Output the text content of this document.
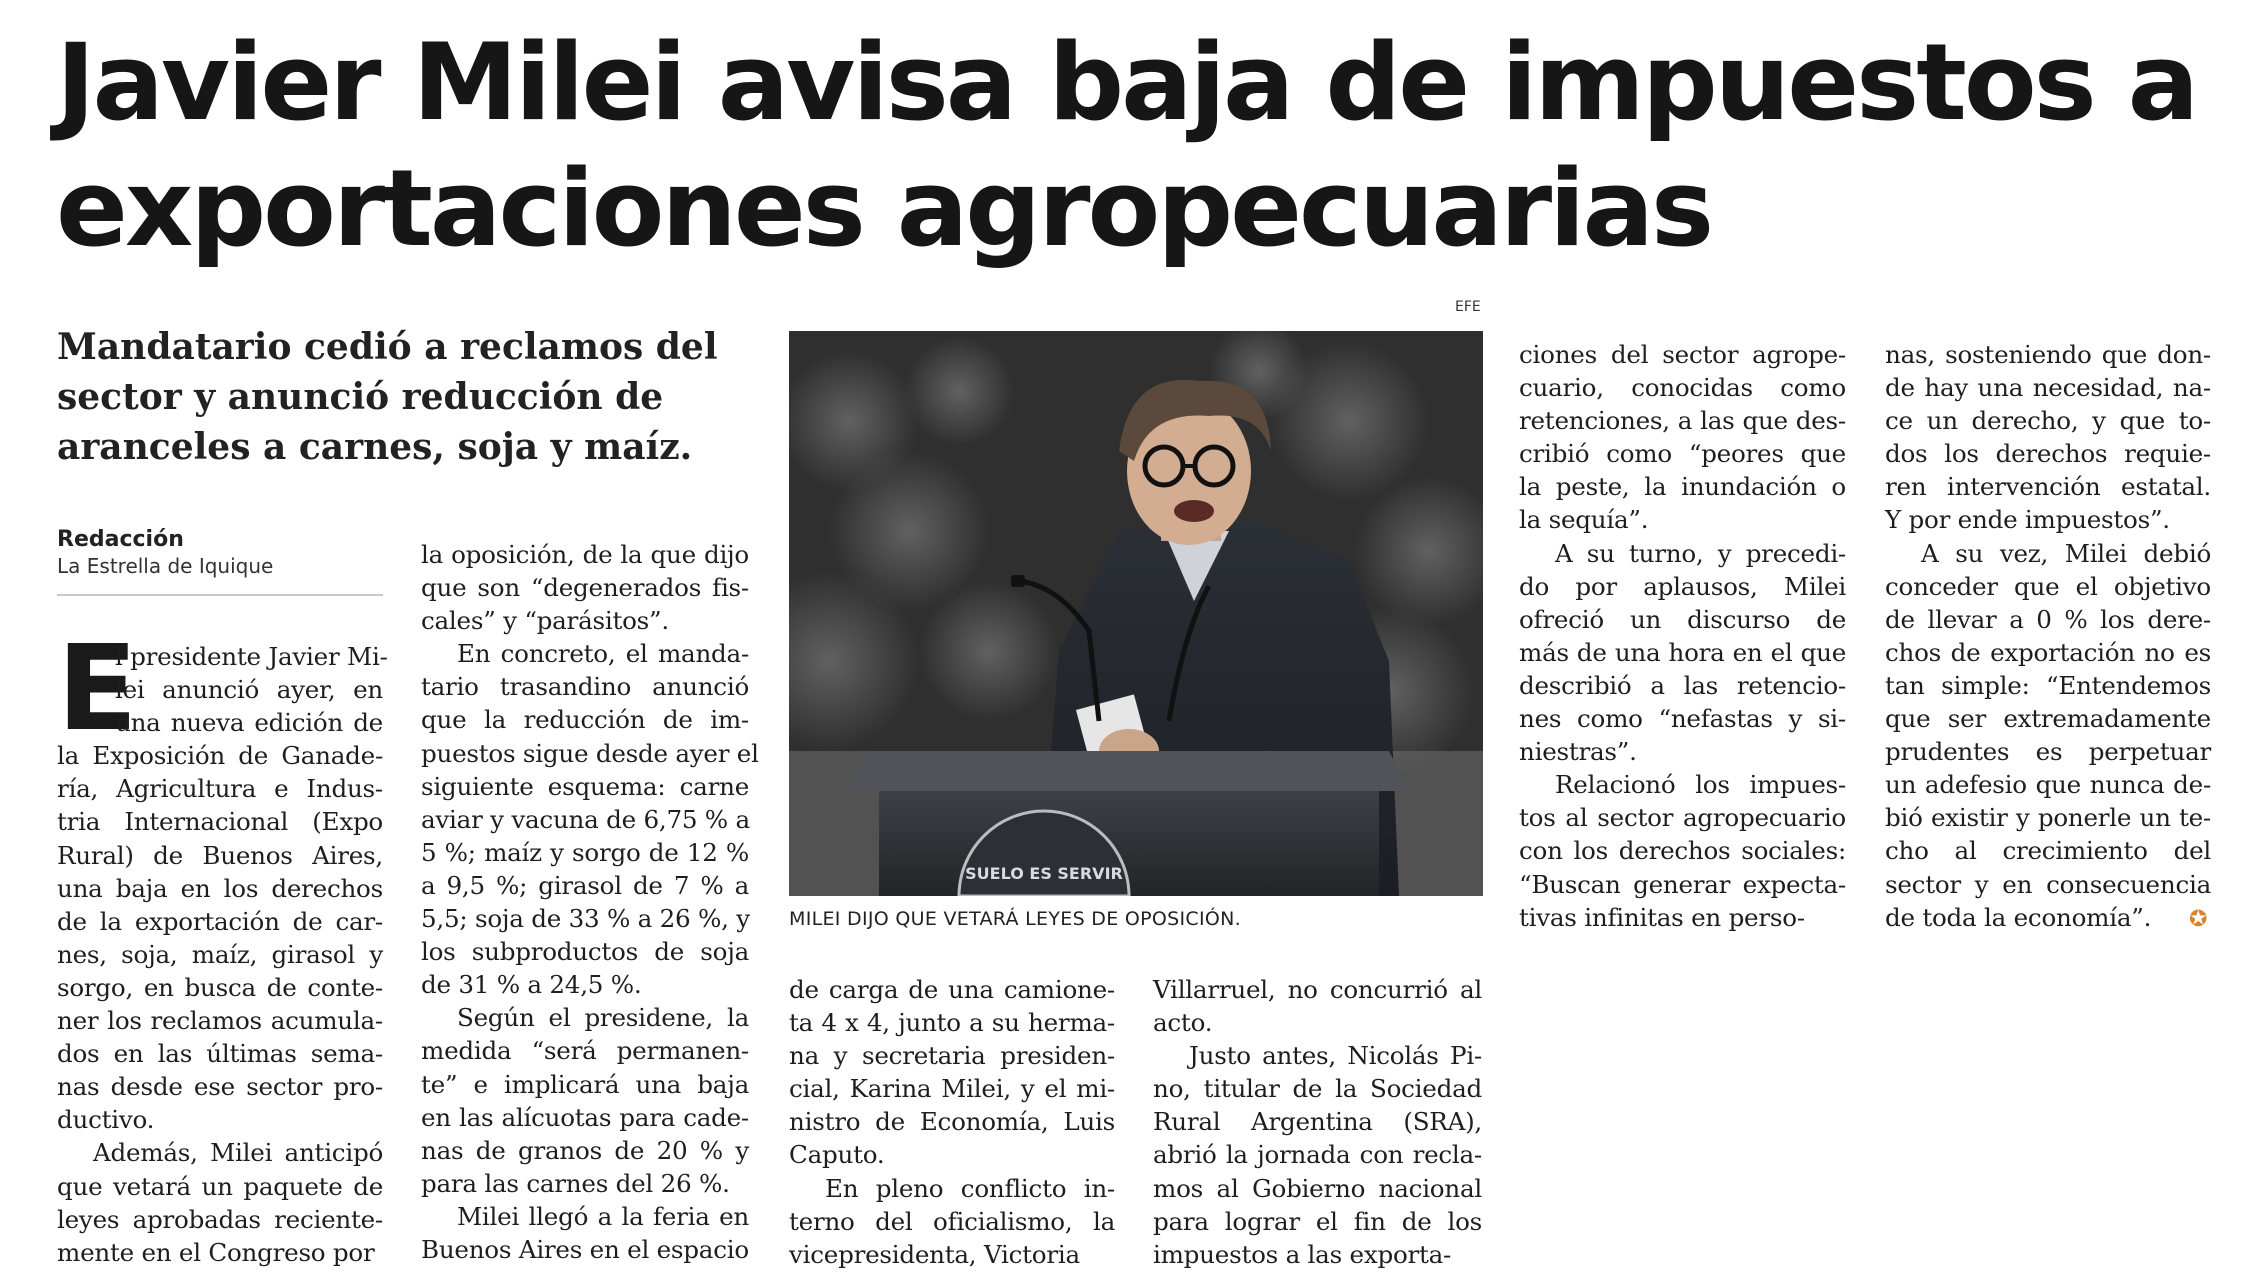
Javier Milei avisa baja de impuestos a
exportaciones agropecuarias
Mandatario cedió a reclamos del
sector y anunció reducción de
aranceles a carnes, soja y maíz.
Redacción
La Estrella de Iquique
E
l presidente Javier Mi-
lei anunció ayer, en
una nueva edición de
la Exposición de Ganade-
ría, Agricultura e Indus-
tria Internacional (Expo
Rural) de Buenos Aires,
una baja en los derechos
de la exportación de car-
nes, soja, maíz, girasol y
sorgo, en busca de conte-
ner los reclamos acumula-
dos en las últimas sema-
nas desde ese sector pro-
ductivo.
Además, Milei anticipó
que vetará un paquete de
leyes aprobadas reciente-
mente en el Congreso por
la oposición, de la que dijo
que son “degenerados fis-
cales” y “parásitos”.
En concreto, el manda-
tario trasandino anunció
que la reducción de im-
puestos sigue desde ayer el
siguiente esquema: carne
aviar y vacuna de 6,75 % a
5 %; maíz y sorgo de 12 %
a 9,5 %; girasol de 7 % a
5,5; soja de 33 % a 26 %, y
los subproductos de soja
de 31 % a 24,5 %.
Según el presidene, la
medida “será permanen-
te” e implicará una baja
en las alícuotas para cade-
nas de granos de 20 % y
para las carnes del 26 %.
Milei llegó a la feria en
Buenos Aires en el espacio
de carga de una camione-
ta 4 x 4, junto a su herma-
na y secretaria presiden-
cial, Karina Milei, y el mi-
nistro de Economía, Luis
Caputo.
En pleno conflicto in-
terno del oficialismo, la
vicepresidenta, Victoria
Villarruel, no concurrió al
acto.
Justo antes, Nicolás Pi-
no, titular de la Sociedad
Rural Argentina (SRA),
abrió la jornada con recla-
mos al Gobierno nacional
para lograr el fin de los
impuestos a las exporta-
ciones del sector agrope-
cuario, conocidas como
retenciones, a las que des-
cribió como “peores que
la peste, la inundación o
la sequía”.
A su turno, y precedi-
do por aplausos, Milei
ofreció un discurso de
más de una hora en el que
describió a las retencio-
nes como “nefastas y si-
niestras”.
Relacionó los impues-
tos al sector agropecuario
con los derechos sociales:
“Buscan generar expecta-
tivas infinitas en perso-
nas, sosteniendo que don-
de hay una necesidad, na-
ce un derecho, y que to-
dos los derechos requie-
ren intervención estatal.
Y por ende impuestos”.
A su vez, Milei debió
conceder que el objetivo
de llevar a 0 % los dere-
chos de exportación no es
tan simple: “Entendemos
que ser extremadamente
prudentes es perpetuar
un adefesio que nunca de-
bió existir y ponerle un te-
cho al crecimiento del
sector y en consecuencia
de toda la economía”.
EFE
SUELO ES SERVIR
MILEI DIJO QUE VETARÁ LEYES DE OPOSICIÓN.	✪
